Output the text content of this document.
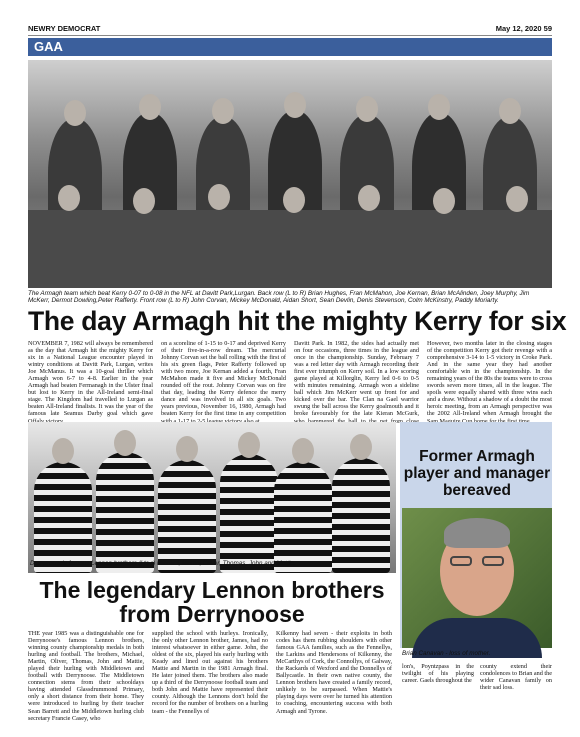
NEWRY DEMOCRAT	May 12, 2020 59
GAA
The Armagh team which beat Kerry 0-07 to 0-08 in the NFL at Davitt Park,Lurgan. Back row (L to R) Brian Hughes, Fran McMahon, Joe Kernan, Brian McAlinden, Joey Murphy, Jim McKerr, Dermot Dowling,Peter Rafferty. Front row (L to R) John Corvan, Mickey McDonald, Aidan Short, Sean Devlin, Denis Stevenson, Colm McKinstry, Paddy Moriarty.
The day Armagh hit the mighty Kerry for six
NOVEMBER 7, 1982 will always be remembered as the day that Armagh hit the mighty Kerry for six in a National League encounter played in wintry conditions at Davitt Park, Lurgan, writes Joe McManus. It was a 10-goal thriller which Armagh won 6-7 to 4-8. Earlier in the year Armagh had beaten Fermanagh in the Ulster final but lost to Kerry in the All-Ireland semi-final stage. The Kingdom had travelled to Lurgan as beaten All-Ireland finalists. It was the year of the famous late Seamus Darby goal which gave
on a scoreline of 1-15 to 0-17 and deprived Kerry of their five-in-a-row dream. The mercurial Johnny Corvan set the ball rolling with the first of his six green flags, Peter Rafferty followed up with two more, Joe Kernan added a fourth, Fran McMahon made it five and Mickey McDonald rounded off the rout. Johnny Corvan was on fire that day, leading the Kerry defence the merry dance and was involved in all six goals. Two years previous, November 16, 1980, Armagh had beaten Kerry for the first time in any competition
Davitt Park. In 1982, the sides had actually met on four occasions, three times in the league and once in the championship. Sunday, February 7 was a red letter day with Armagh recording their first ever triumph on Kerry soil. In a low scoring game played at Killorglin, Kerry led 0-6 to 0-5 with minutes remaining. Armagh won a sideline ball which Jim McKerr went up front for and kicked over the bar. The Clan na Gael warrior swung the ball across the Kerry goalmouth and it broke favourably for the late Kieran McGurk, from
However, two months later in the closing stages of the competition Kerry got their revenge with a comprehensive 3-14 to 1-5 victory in Croke Park. And in the same year they had another comfortable win in the championship. In the remaining years of the 80s the teams were to cross swords seven more times, all in the league. The spoils were equally shared with three wins each and a draw. Without a shadow of a doubt the most heroic meeting, from an Armagh perspective was the 2002 All-Ireland when Armagh brought the
Derrynoose's famous Lennon brothers (l to r) Michael, Martin, Oliver, Thomas, John and Mattie.
The legendary Lennon brothers from Derrynoose
THE year 1985 was a distinguishable one for Derrynoose's famous Lennon brothers, winning county championship medals in both hurling and football. The brothers, Michael, Martin, Oliver, Thomas, John and Mattie, played their hurling with Middletown and football with Derrynoose. The Middletown connection stems from their schooldays having attended Glassdrummond Primary, only a short distance from their home. They were introduced to hurling by their teacher Sean Barrett and the Middletown hurling club secretary Francie Casey, who
supplied the school with hurleys. Ironically, the only other Lennon brother, James, had no interest whatsoever in either game. John, the oldest of the six, played his early hurling with Keady and lined out against his brothers Mattie and Martin in the 1981 Armagh final. He later joined them. The brothers also made up a third of the Derrynoose football team and both John and Mattie have represented their county. Although the Lennons don't hold the record for the number of brothers on a hurling team - the Fennellys of
Kilkenny had seven - their exploits in both codes has them rubbing shoulders with other famous GAA families, such as the Fennellys, the Larkins and Hendersons of Kilkenny, the McCarthys of Cork, the Connollys, of Galway, the Rackards of Wexford and the Donnellys of Ballycastle. In their own native county, the Lennon brothers have created a family record, unlikely to be surpassed. When Mattie's playing days were over he turned his attention to coaching, encountering success with both Armagh and Tyrone.
Former Armagh player and manager bereaved
Brian Canavan - loss of mother.
lon's, Poyntzpass in the twilight of his playing career. Gaels throughout the
county extend their condolences to Brian and the wider Canavan family on their sad loss.
